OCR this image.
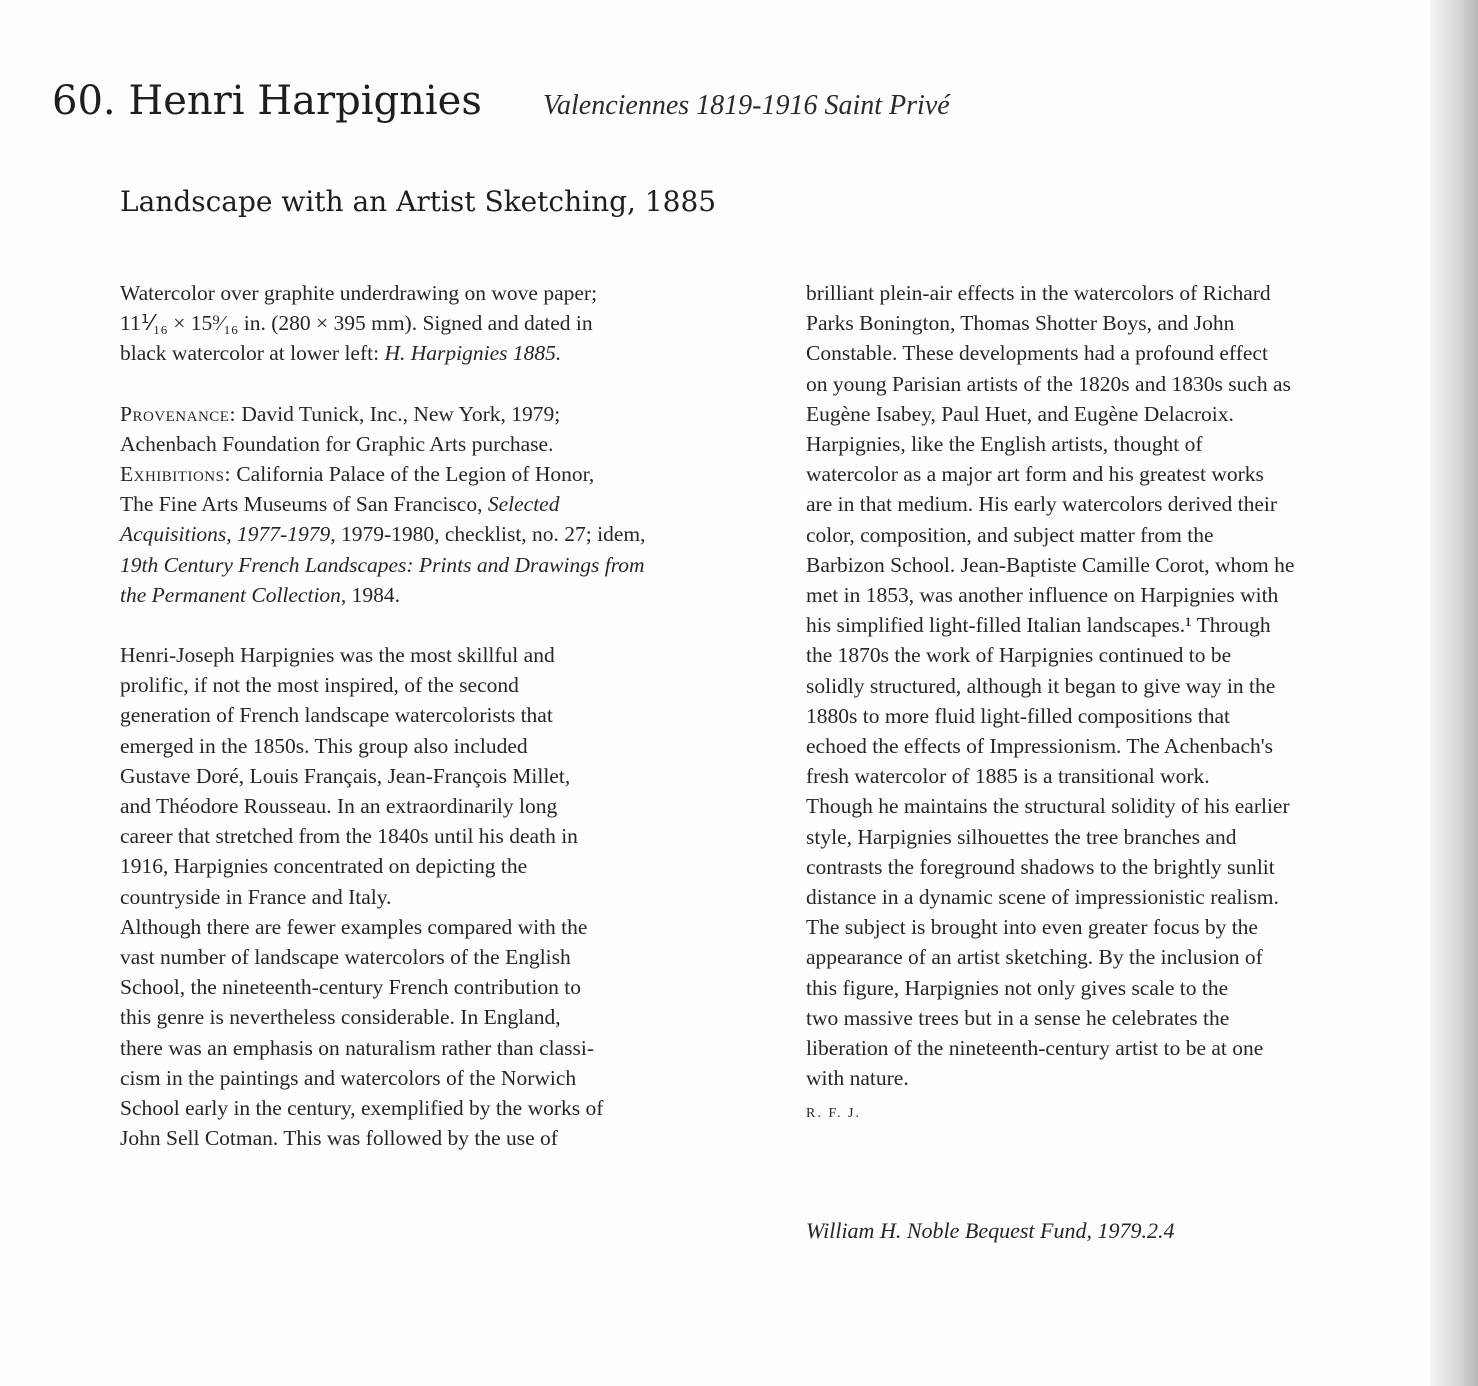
60. Henri Harpignies Valenciennes 1819-1916 Saint Privé
Landscape with an Artist Sketching, 1885
Watercolor over graphite underdrawing on wove paper;
11⅟₁₆ × 15⁹⁄₁₆ in. (280 × 395 mm). Signed and dated in
black watercolor at lower left: H. Harpignies 1885.
Provenance: David Tunick, Inc., New York, 1979;
Achenbach Foundation for Graphic Arts purchase.
Exhibitions: California Palace of the Legion of Honor,
The Fine Arts Museums of San Francisco, Selected
Acquisitions, 1977-1979, 1979-1980, checklist, no. 27; idem,
19th Century French Landscapes: Prints and Drawings from
the Permanent Collection, 1984.
Henri-Joseph Harpignies was the most skillful and
prolific, if not the most inspired, of the second
generation of French landscape watercolorists that
emerged in the 1850s. This group also included
Gustave Doré, Louis Français, Jean-François Millet,
and Théodore Rousseau. In an extraordinarily long
career that stretched from the 1840s until his death in
1916, Harpignies concentrated on depicting the
countryside in France and Italy.
Although there are fewer examples compared with the
vast number of landscape watercolors of the English
School, the nineteenth-century French contribution to
this genre is nevertheless considerable. In England,
there was an emphasis on naturalism rather than classi-
cism in the paintings and watercolors of the Norwich
School early in the century, exemplified by the works of
John Sell Cotman. This was followed by the use of
brilliant plein-air effects in the watercolors of Richard
Parks Bonington, Thomas Shotter Boys, and John
Constable. These developments had a profound effect
on young Parisian artists of the 1820s and 1830s such as
Eugène Isabey, Paul Huet, and Eugène Delacroix.
Harpignies, like the English artists, thought of
watercolor as a major art form and his greatest works
are in that medium. His early watercolors derived their
color, composition, and subject matter from the
Barbizon School. Jean-Baptiste Camille Corot, whom he
met in 1853, was another influence on Harpignies with
his simplified light-filled Italian landscapes.¹ Through
the 1870s the work of Harpignies continued to be
solidly structured, although it began to give way in the
1880s to more fluid light-filled compositions that
echoed the effects of Impressionism. The Achenbach's
fresh watercolor of 1885 is a transitional work.
Though he maintains the structural solidity of his earlier
style, Harpignies silhouettes the tree branches and
contrasts the foreground shadows to the brightly sunlit
distance in a dynamic scene of impressionistic realism.
The subject is brought into even greater focus by the
appearance of an artist sketching. By the inclusion of
this figure, Harpignies not only gives scale to the
two massive trees but in a sense he celebrates the
liberation of the nineteenth-century artist to be at one
with nature.
R. F. J.
William H. Noble Bequest Fund, 1979.2.4
